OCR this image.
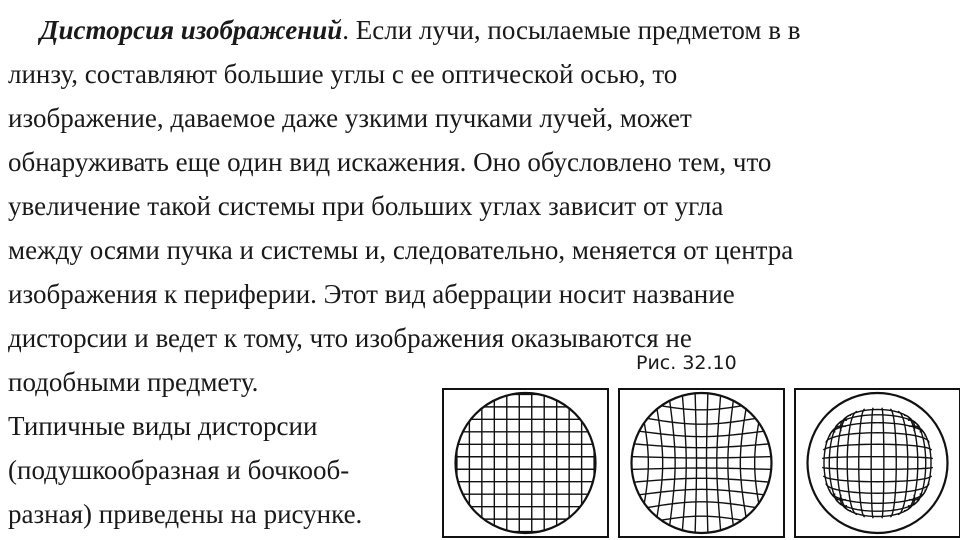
Дисторсия изображений. Если лучи, посылаемые предметом в в
линзу, составляют большие углы с ее оптической осью, то
изображение, даваемое даже узкими пучками лучей, может
обнаруживать еще один вид искажения. Оно обусловлено тем, что
увеличение такой системы при больших углах зависит от угла
между осями пучка и системы и, следовательно, меняется от центра
изображения к периферии. Этот вид аберрации носит название
дисторсии и ведет к тому, что изображения оказываются не
подобными предмету.
Типичные виды дисторсии
(подушкообразная и бочкооб-
разная) приведены на рисунке.
Рис. 32.10
